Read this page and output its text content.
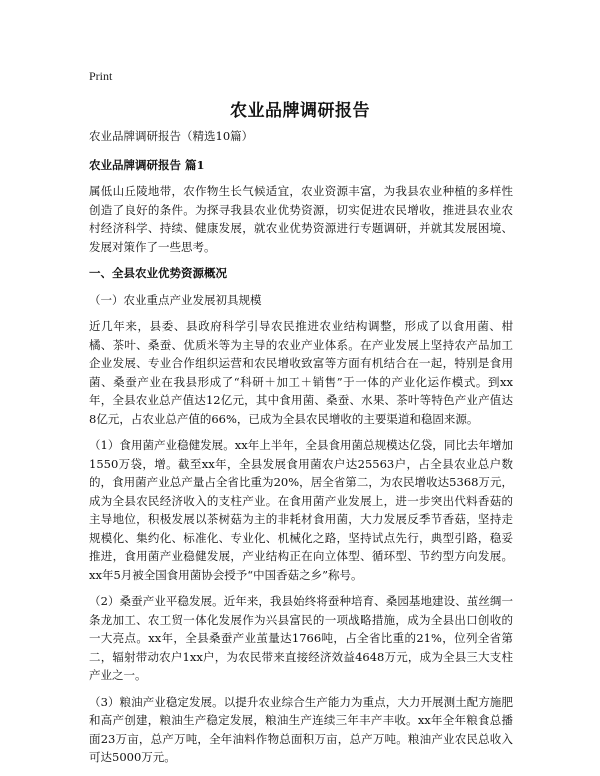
Print
农业品牌调研报告

农业品牌调研报告（精选10篇）

农业品牌调研报告 篇1

属低山丘陵地带，农作物生长气候适宜，农业资源丰富，为我县农业种植的多样性创造了良好的条件。为探寻我县农业优势资源，切实促进农民增收，推进县农业农村经济科学、持续、健康发展，就农业优势资源进行专题调研，并就其发展困境、发展对策作了一些思考。

一、全县农业优势资源概况

（一）农业重点产业发展初具规模

近几年来，县委、县政府科学引导农民推进农业结构调整，形成了以食用菌、柑橘、茶叶、桑蚕、优质米等为主导的农业产业体系。在产业发展上坚持农产品加工企业发展、专业合作组织运营和农民增收致富等方面有机结合在一起，特别是食用菌、桑蚕产业在我县形成了“科研＋加工＋销售”于一体的产业化运作模式。到xx年，全县农业总产值达12亿元，其中食用菌、桑蚕、水果、茶叶等特色产业产值达8亿元，占农业总产值的66%，已成为全县农民增收的主要渠道和稳固来源。

（1）食用菌产业稳健发展。xx年上半年，全县食用菌总规模达亿袋，同比去年增加1550万袋，增。截至xx年，全县发展食用菌农户达25563户，占全县农业总户数的，食用菌产业总产量占全省比重为20%，居全省第二，为农民增收达5368万元，成为全县农民经济收入的支柱产业。在食用菌产业发展上，进一步突出代料香菇的主导地位，积极发展以茶树菇为主的非耗材食用菌，大力发展反季节香菇，坚持走规模化、集约化、标准化、专业化、机械化之路，坚持试点先行，典型引路，稳妥推进，食用菌产业稳健发展，产业结构正在向立体型、循环型、节约型方向发展。xx年5月被全国食用菌协会授予“中国香菇之乡”称号。

（2）桑蚕产业平稳发展。近年来，我县始终将蚕种培育、桑园基地建设、茧丝绸一条龙加工、农工贸一体化发展作为兴县富民的一项战略措施，成为全县出口创收的一大亮点。xx年，全县桑蚕产业茧量达1766吨，占全省比重的21%，位列全省第二，辐射带动农户1xx户，为农民带来直接经济效益4648万元，成为全县三大支柱产业之一。

（3）粮油产业稳定发展。以提升农业综合生产能力为重点，大力开展测土配方施肥和高产创建，粮油生产稳定发展，粮油生产连续三年丰产丰收。xx年全年粮食总播面23万亩，总产万吨，全年油料作物总面积万亩，总产万吨。粮油产业农民总收入可达5000万元。
